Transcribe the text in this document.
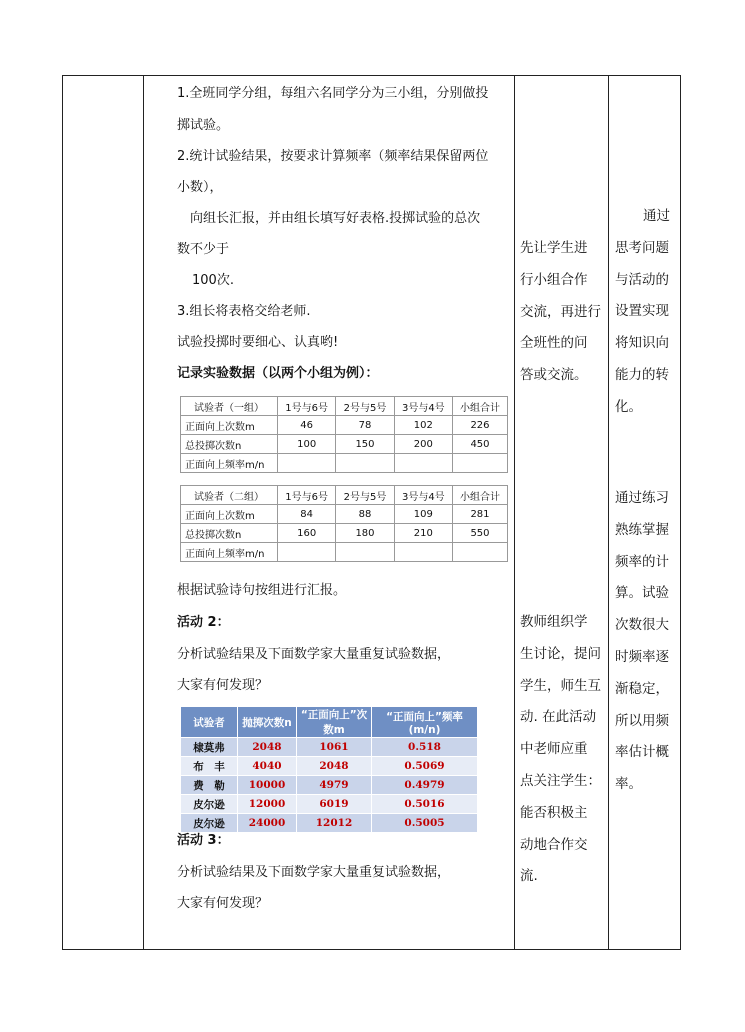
1.全班同学分组，每组六名同学分为三小组，分别做投
掷试验。
2.统计试验结果，按要求计算频率（频率结果保留两位
小数），
向组长汇报，并由组长填写好表格.投掷试验的总次
数不少于
100次.
3.组长将表格交给老师.
试验投掷时要细心、认真哟!
记录实验数据（以两个小组为例）：
试验者（一组）	1号与6号	2号与5号	3号与4号	小组合计
正面向上次数m	46	78	102	226
总投掷次数n	100	150	200	450
正面向上频率m/n				
试验者（二组）	1号与6号	2号与5号	3号与4号	小组合计
正面向上次数m	84	88	109	281
总投掷次数n	160	180	210	550
正面向上频率m/n				
根据试验诗句按组进行汇报。
活动 2：
分析试验结果及下面数学家大量重复试验数据，
大家有何发现？
试验者	抛掷次数n	“正面向上”次数m	“正面向上”频率(m/n)
棣莫弗	2048	1061	0.518
布　丰	4040	2048	0.5069
费　勒	10000	4979	0.4979
皮尔逊	12000	6019	0.5016
皮尔逊	24000	12012	0.5005
活动 3：
分析试验结果及下面数学家大量重复试验数据，
大家有何发现？
先让学生进
行小组合作
交流，再进行
全班性的问
答或交流。
教师组织学
生讨论，提问
学生，师生互
动. 在此活动
中老师应重
点关注学生：
能否积极主
动地合作交
流.
通过
思考问题
与活动的
设置实现
将知识向
能力的转
化。
通过练习
熟练掌握
频率的计
算。试验
次数很大
时频率逐
渐稳定，
所以用频
率估计概
率。
